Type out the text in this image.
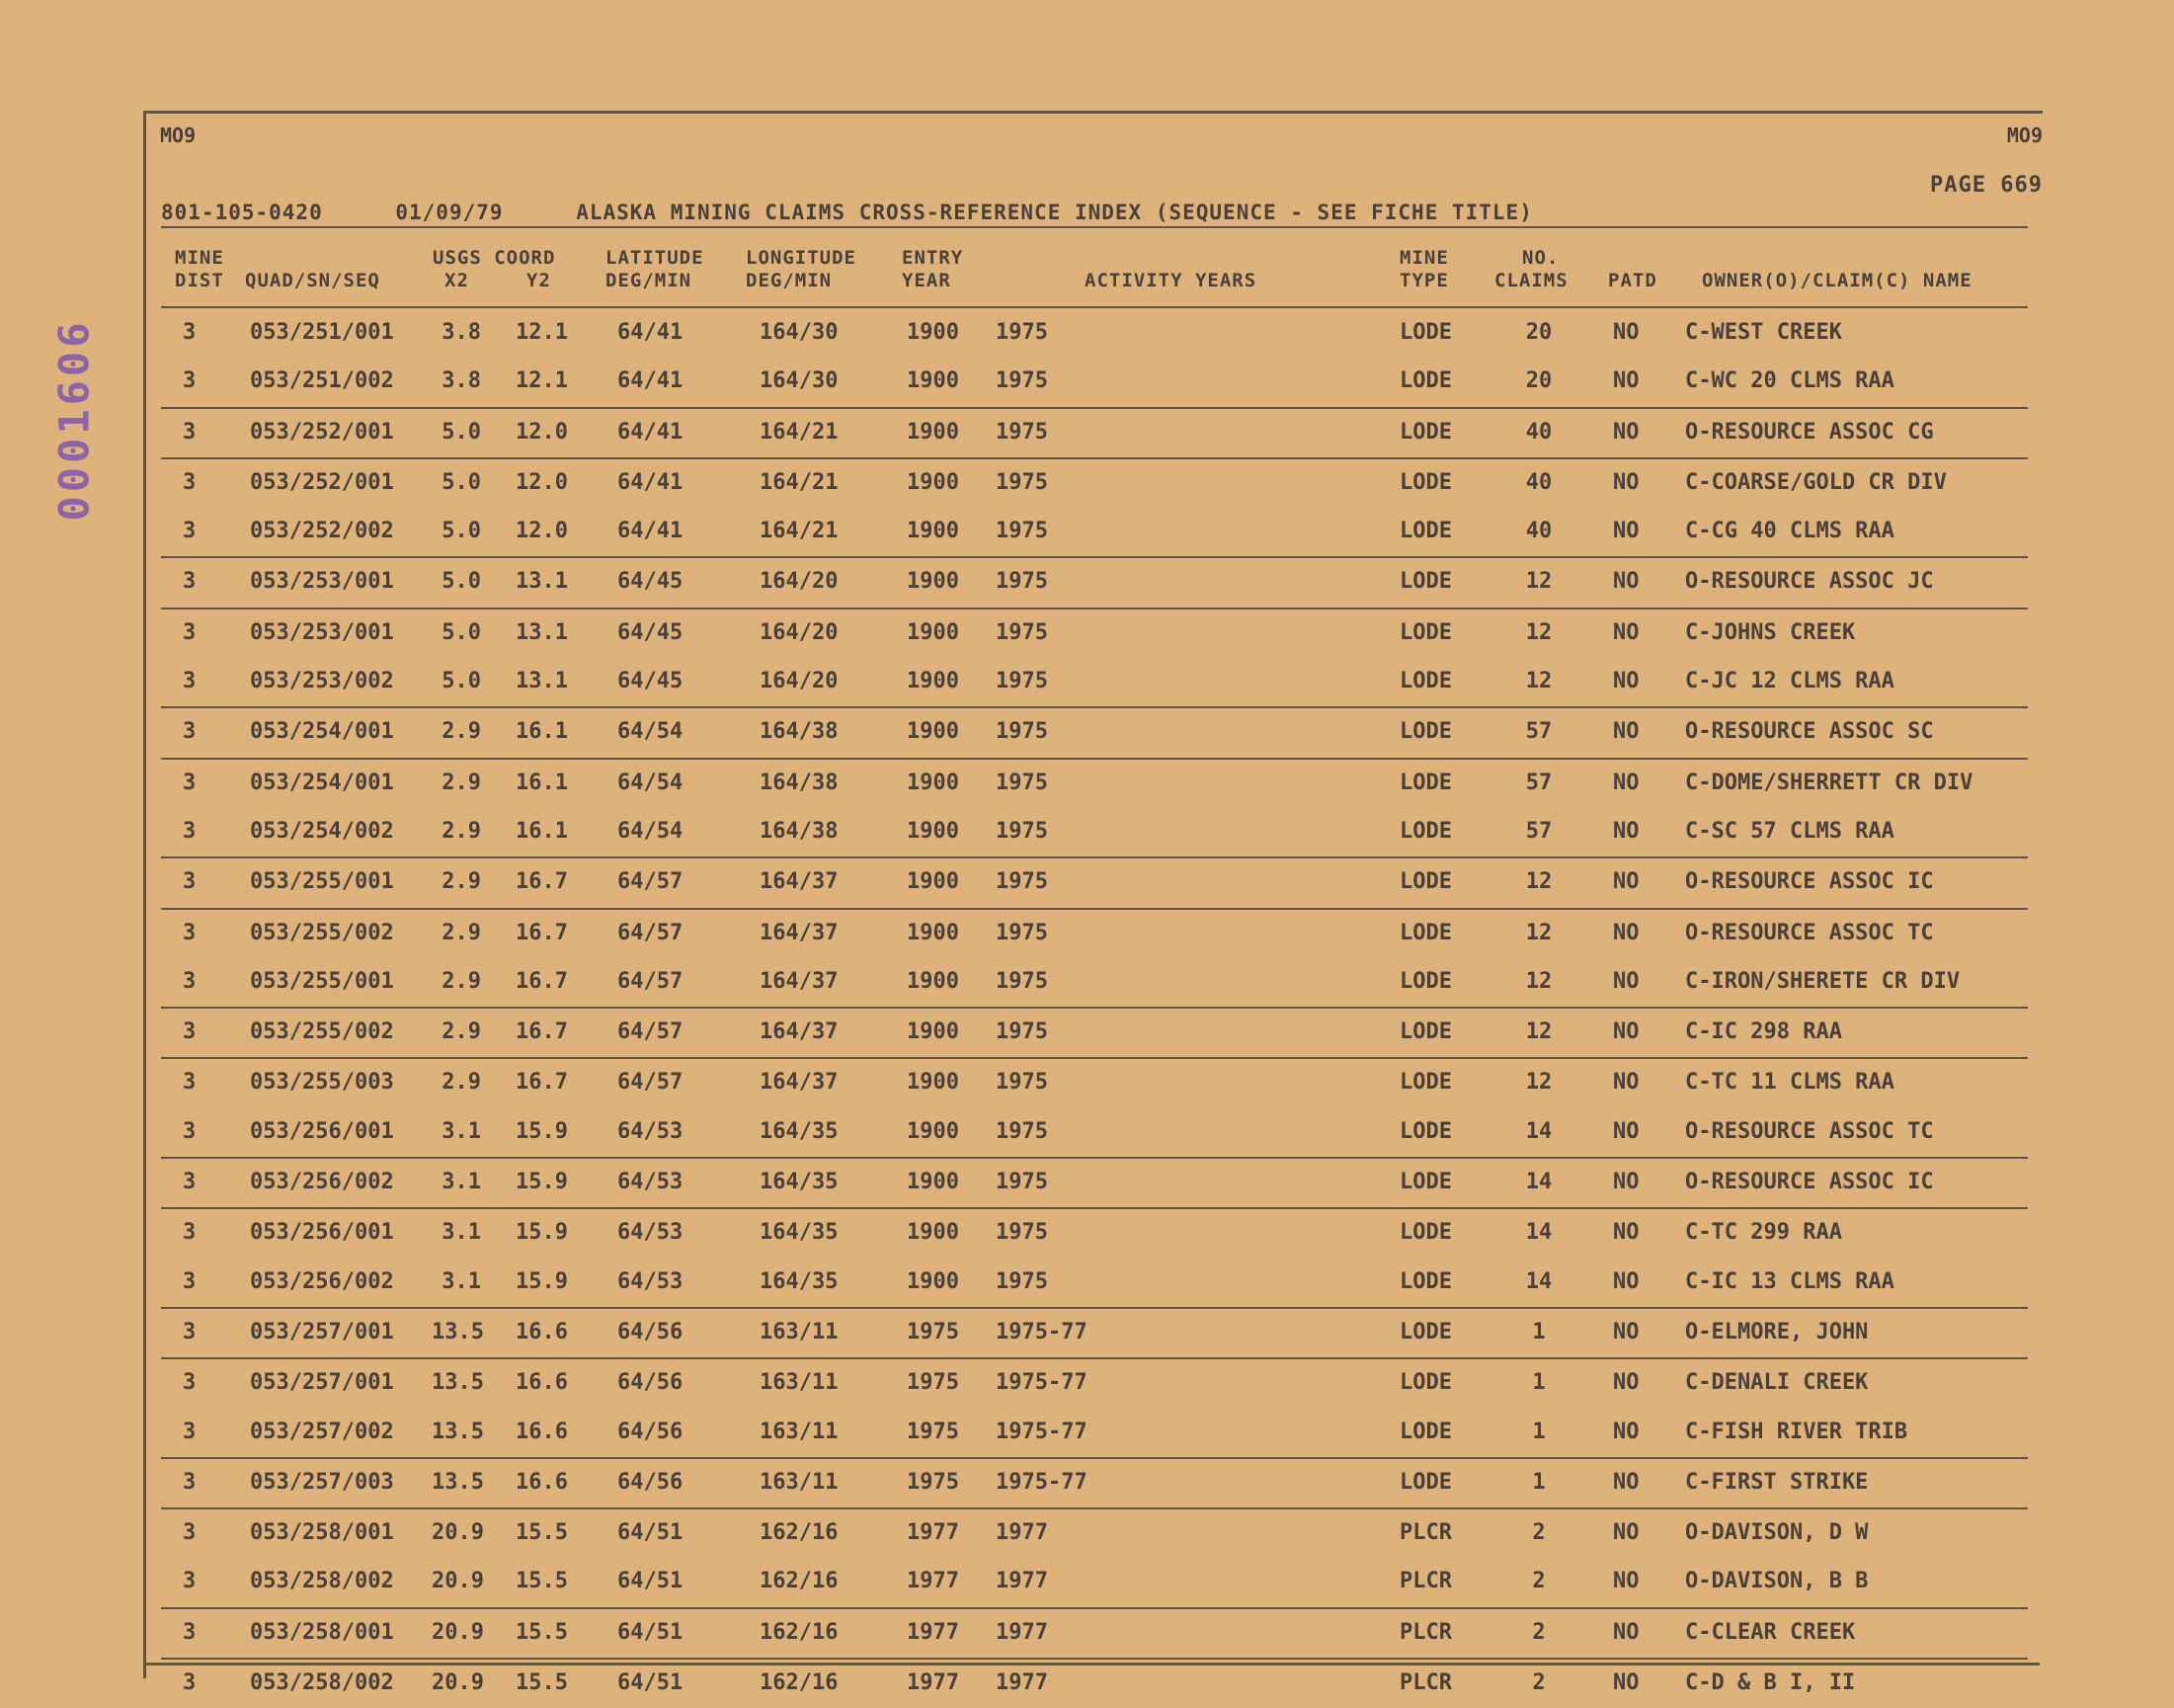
0001606
MO9	MO9
PAGE 669
801-105-0420	01/09/79	ALASKA MINING CLAIMS CROSS-REFERENCE INDEX (SEQUENCE - SEE FICHE TITLE)
MINE
DIST QUAD/SN/SEQ
USGS COORD
X2	Y2
LATITUDE
DEG/MIN
LONGITUDE
DEG/MIN
ENTRY
YEAR	ACTIVITY YEARS
MINE
TYPE
NO.
CLAIMS PATD OWNER(O)/CLAIM(C) NAME
3 053/251/001	3.8	12.1 64/41	164/30	1900 1975	LODE	20	NO C-WEST CREEK
3 053/251/002	3.8	12.1 64/41	164/30	1900 1975	LODE	20	NO C-WC 20 CLMS RAA
3 053/252/001	5.0	12.0 64/41	164/21	1900 1975	LODE	40	NO O-RESOURCE ASSOC CG
3 053/252/001	5.0	12.0 64/41	164/21	1900 1975	LODE	40	NO C-COARSE/GOLD CR DIV
3 053/252/002	5.0	12.0 64/41	164/21	1900 1975	LODE	40	NO C-CG 40 CLMS RAA
3 053/253/001	5.0	13.1 64/45	164/20	1900 1975	LODE	12	NO O-RESOURCE ASSOC JC
3 053/253/001	5.0	13.1 64/45	164/20	1900 1975	LODE	12	NO C-JOHNS CREEK
3 053/253/002	5.0	13.1 64/45	164/20	1900 1975	LODE	12	NO C-JC 12 CLMS RAA
3 053/254/001	2.9	16.1 64/54	164/38	1900 1975	LODE	57	NO O-RESOURCE ASSOC SC
3 053/254/001	2.9	16.1 64/54	164/38	1900 1975	LODE	57	NO C-DOME/SHERRETT CR DIV
3 053/254/002	2.9	16.1 64/54	164/38	1900 1975	LODE	57	NO C-SC 57 CLMS RAA
3 053/255/001	2.9	16.7 64/57	164/37	1900 1975	LODE	12	NO O-RESOURCE ASSOC IC
3 053/255/002	2.9	16.7 64/57	164/37	1900 1975	LODE	12	NO O-RESOURCE ASSOC TC
3 053/255/001	2.9	16.7 64/57	164/37	1900 1975	LODE	12	NO C-IRON/SHERETE CR DIV
3 053/255/002	2.9	16.7 64/57	164/37	1900 1975	LODE	12	NO C-IC 298 RAA
3 053/255/003	2.9	16.7 64/57	164/37	1900 1975	LODE	12	NO C-TC 11 CLMS RAA
3 053/256/001	3.1	15.9 64/53	164/35	1900 1975	LODE	14	NO O-RESOURCE ASSOC TC
3 053/256/002	3.1	15.9 64/53	164/35	1900 1975	LODE	14	NO O-RESOURCE ASSOC IC
3 053/256/001	3.1	15.9 64/53	164/35	1900 1975	LODE	14	NO C-TC 299 RAA
3 053/256/002	3.1	15.9 64/53	164/35	1900 1975	LODE	14	NO C-IC 13 CLMS RAA
3 053/257/001 13.5	16.6 64/56	163/11	1975 1975-77	LODE	1	NO O-ELMORE, JOHN
3 053/257/001 13.5	16.6 64/56	163/11	1975 1975-77	LODE	1	NO C-DENALI CREEK
3 053/257/002 13.5	16.6 64/56	163/11	1975 1975-77	LODE	1	NO C-FISH RIVER TRIB
3 053/257/003 13.5	16.6 64/56	163/11	1975 1975-77	LODE	1	NO C-FIRST STRIKE
3 053/258/001 20.9	15.5 64/51	162/16	1977 1977	PLCR	2	NO O-DAVISON, D W
3 053/258/002 20.9	15.5 64/51	162/16	1977 1977	PLCR	2	NO O-DAVISON, B B
3 053/258/001 20.9	15.5 64/51	162/16	1977 1977	PLCR	2	NO C-CLEAR CREEK
3 053/258/002 20.9	15.5 64/51	162/16	1977 1977	PLCR	2	NO C-D & B I, II
